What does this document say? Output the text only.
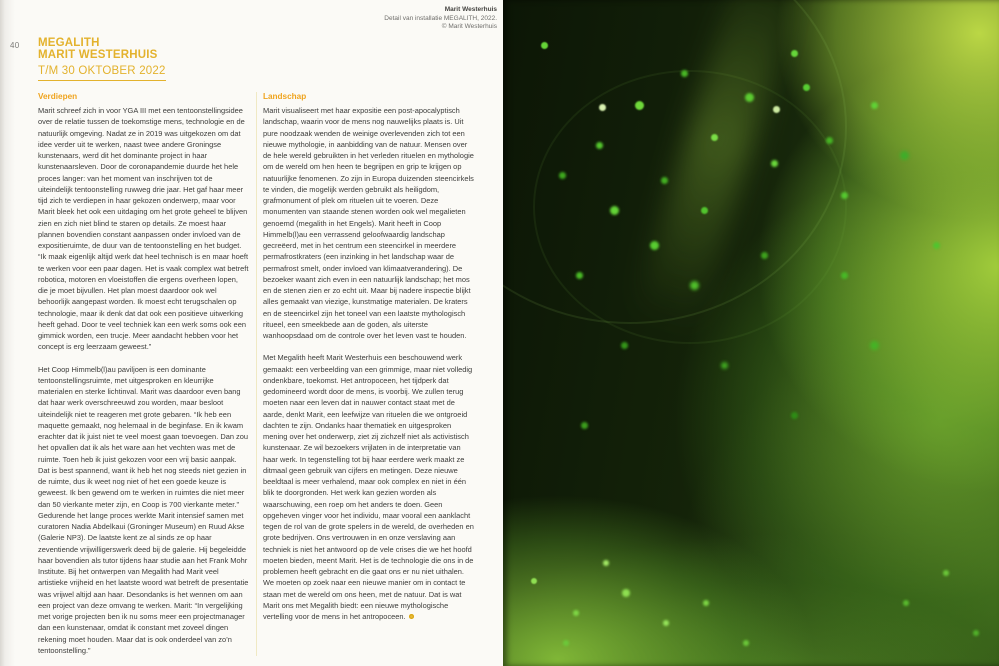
40 MEGALITH
MARIT WESTERHUIS
T/M 30 OKTOBER 2022
Marit Westerhuis
Detail van installatie MEGALITH, 2022.
© Marit Westerhuis
Verdiepen

Marit schreef zich in voor YGA III met een tentoonstellingsidee over de relatie tussen de toekomstige mens, technologie en de natuurlijk omgeving. Nadat ze in 2019 was uitgekozen om dat idee verder uit te werken, naast twee andere Groningse kunstenaars, werd dit het dominante project in haar kunstenaarsleven. Door de coronapandemie duurde het hele proces langer: van het moment van inschrijven tot de uiteindelijk tentoonstelling ruwweg drie jaar. Het gaf haar meer tijd zich te verdiepen in haar gekozen onderwerp, maar voor Marit bleek het ook een uitdaging om het grote geheel te blijven zien en zich niet blind te staren op details. Ze moest haar plannen bovendien constant aanpassen onder invloed van de expositieruimte, de duur van de tentoonstelling en het budget. “Ik maak eigenlijk altijd werk dat heel technisch is en maar hoeft te werken voor een paar dagen. Het is vaak complex wat betreft robotica, motoren en vloeistoffen die ergens overheen lopen, die je moet bijvullen. Het plan moest daardoor ook wel behoorlijk aangepast worden. Ik moest echt terugschalen op technologie, maar ik denk dat dat ook een positieve uitwerking heeft gehad. Door te veel techniek kan een werk soms ook een gimmick worden, een trucje. Meer aandacht hebben voor het concept is erg leerzaam geweest.”

Het Coop Himmelb(l)au paviljoen is een dominante tentoonstellingsruimte, met uitgesproken en kleurrijke materialen en sterke lichtinval. Marit was daardoor even bang dat haar werk overschreeuwd zou worden, maar besloot uiteindelijk niet te reageren met grote gebaren. “Ik heb een maquette gemaakt, nog helemaal in de beginfase. En ik kwam erachter dat ik juist niet te veel moest gaan toevoegen. Dan zou het opvallen dat ik als het ware aan het vechten was met de ruimte. Toen heb ik juist gekozen voor een vrij basic aanpak. Dat is best spannend, want ik heb het nog steeds niet gezien in de ruimte, dus ik weet nog niet of het een goede keuze is geweest. Ik ben gewend om te werken in ruimtes die niet meer dan 50 vierkante meter zijn, en Coop is 700 vierkante meter.” Gedurende het lange proces werkte Marit intensief samen met curatoren Nadia Abdelkaui (Groninger Museum) en Ruud Akse (Galerie NP3). De laatste kent ze al sinds ze op haar zeventiende vrijwilligerswerk deed bij de galerie. Hij begeleidde haar bovendien als tutor tijdens haar studie aan het Frank Mohr Institute. Bij het ontwerpen van Megalith had Marit veel artistieke vrijheid en het laatste woord wat betreft de presentatie was vrijwel altijd aan haar. Desondanks is het wennen om aan een project van deze omvang te werken. Marit: “In vergelijking met vorige projecten ben ik nu soms meer een projectmanager dan een kunstenaar, omdat ik constant met zoveel dingen rekening moet houden. Maar dat is ook onderdeel van zo’n tentoonstelling.”

Landschap

Marit visualiseert met haar expositie een post-apocalyptisch landschap, waarin voor de mens nog nauwelijks plaats is. Uit pure noodzaak wenden de weinige overlevenden zich tot een nieuwe mythologie, in aanbidding van de natuur. Mensen over de hele wereld gebruikten in het verleden rituelen en mythologie om de wereld om hen heen te begrijpen en grip te krijgen op natuurlijke fenomenen. Zo zijn in Europa duizenden steencirkels te vinden, die mogelijk werden gebruikt als heiligdom, grafmonument of plek om rituelen uit te voeren. Deze monumenten van staande stenen worden ook wel megalieten genoemd (megalith in het Engels). Marit heeft in Coop Himmelb(l)au een verrassend geloofwaardig landschap gecreëerd, met in het centrum een steencirkel in meerdere permafrostkraters (een inzinking in het landschap waar de permafrost smelt, onder invloed van klimaatverandering). De bezoeker waant zich even in een natuurlijk landschap; het mos en de stenen zien er zo echt uit. Maar bij nadere inspectie blijkt alles gemaakt van viezige, kunstmatige materialen. De kraters en de steencirkel zijn het toneel van een laatste mythologisch ritueel, een smeekbede aan de goden, als uiterste wanhoopsdaad om de controle over het leven vast te houden.

Met Megalith heeft Marit Westerhuis een beschouwend werk gemaakt: een verbeelding van een grimmige, maar niet volledig ondenkbare, toekomst. Het antropoceen, het tijdperk dat gedomineerd wordt door de mens, is voorbij. We zullen terug moeten naar een leven dat in nauwer contact staat met de aarde, denkt Marit, een leefwijze van rituelen die we ontgroeid dachten te zijn. Ondanks haar thematiek en uitgesproken mening over het onderwerp, ziet zij zichzelf niet als activistisch kunstenaar. Ze wil bezoekers vrijlaten in de interpretatie van haar werk. In tegenstelling tot bij haar eerdere werk maakt ze ditmaal geen gebruik van cijfers en metingen. Deze nieuwe beeldtaal is meer verhalend, maar ook complex en niet in één blik te doorgronden. Het werk kan gezien worden als waarschuwing, een roep om het anders te doen. Geen opgeheven vinger voor het individu, maar vooral een aanklacht tegen de rol van de grote spelers in de wereld, de overheden en grote bedrijven. Ons vertrouwen in en onze verslaving aan techniek is niet het antwoord op de vele crises die we het hoofd moeten bieden, meent Marit. Het is de technologie die ons in de problemen heeft gebracht en die gaat ons er nu niet uithalen. We moeten op zoek naar een nieuwe manier om in contact te staan met de wereld om ons heen, met de natuur. Dat is wat Marit ons met Megalith biedt: een nieuwe mythologische vertelling voor de mens in het antropoceen.
